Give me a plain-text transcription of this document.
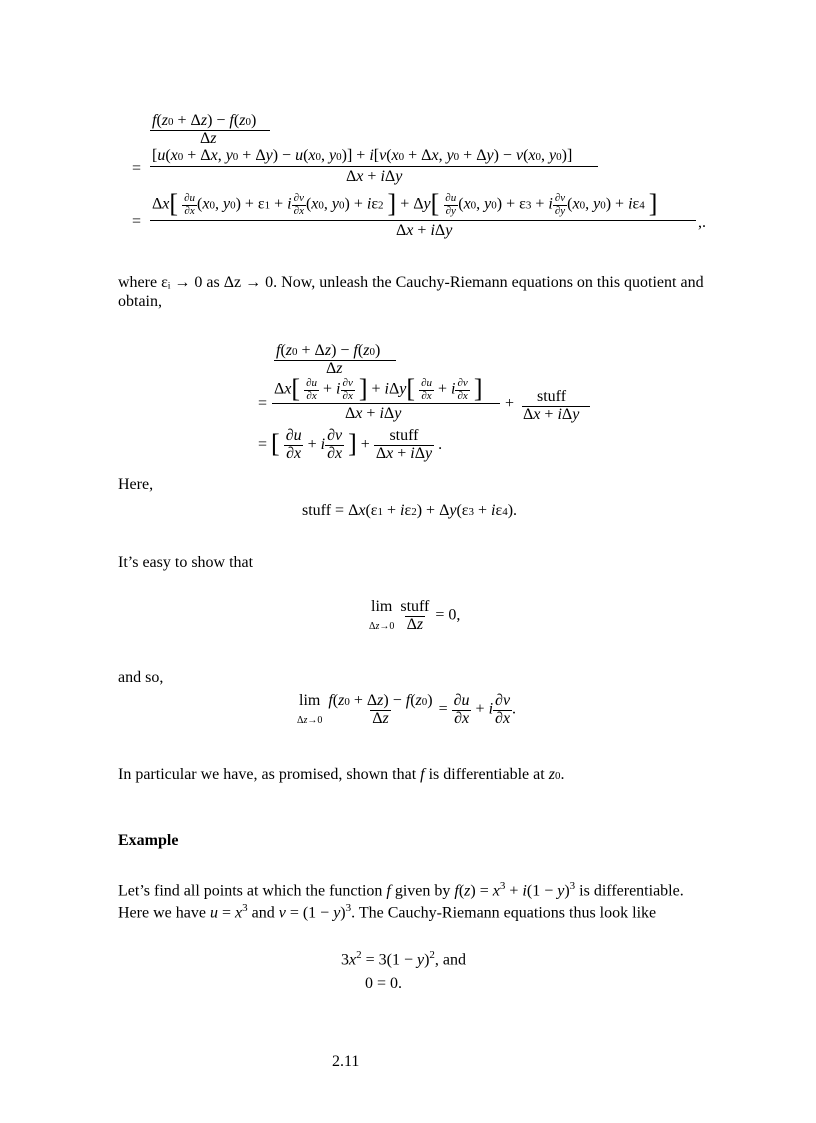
f(z0 + Δz) − f(z0)
Δz
=
[u(x0 + Δx, y0 + Δy) − u(x0, y0)] + i[v(x0 + Δx, y0 + Δy) − v(x0, y0)]
Δx + iΔy
=
$\Delta x[ \frac{\partial u}{\partial x} (x0$, y0) + ε1 + i $\frac{\partial v}{\partial x} (x0$, y0) + iε2 ] + $\Delta y[ \frac{\partial u}{\partial y} (x0$, y0) + ε3 + i $\frac{\partial v}{\partial y} (x0$, y0) + iε4 ]
Δx + iΔy	,.
where εᵢ → 0 as Δz → 0. Now, unleash the Cauchy-Riemann equations on this quotient and
obtain,
f(z0 + Δz) − f(z0)
Δz
=
$\Delta x[ \frac{\partial u}{\partial x} + i \frac{\partial v}{\partial x}$ ] + $i\Delta y[ \frac{\partial u}{\partial x} + i \frac{\partial v}{\partial x}$ ]
Δx + iΔy
+ stuff
Δx + iΔy
= [ $\frac{\partial u}{\partial x} + i \frac{\partial v}{\partial x}$ ] + $\frac{\text{stuff}}{\text{Δx + iΔy}}$ .
Here,
stuff = Δx(ε1 + iε2) + Δy(ε3 + iε4).
It’s easy to show that
lim
$\Delta z\to 0 \frac{\text{stuff}}{\Delta z} = 0$,
and so,
lim
$\Delta z\to 0 \frac{f(z0 + \Delta z) - f(z0)}{\Delta z} = \frac{\partial u}{\partial x} + i \frac{\partial v}{\partial x}$ .
In particular we have, as promised, shown that f is differentiable at z0.
Example
Let’s find all points at which the function f given by $f(z) = x^3 + i(1 - y)^3$ is differentiable.
Here we have $u = x^3$ and $v = (1 - y)^3$. The Cauchy-Riemann equations thus look like
$3x^2 = 3(1 - y)^2$, and
0 = 0.
2.11
